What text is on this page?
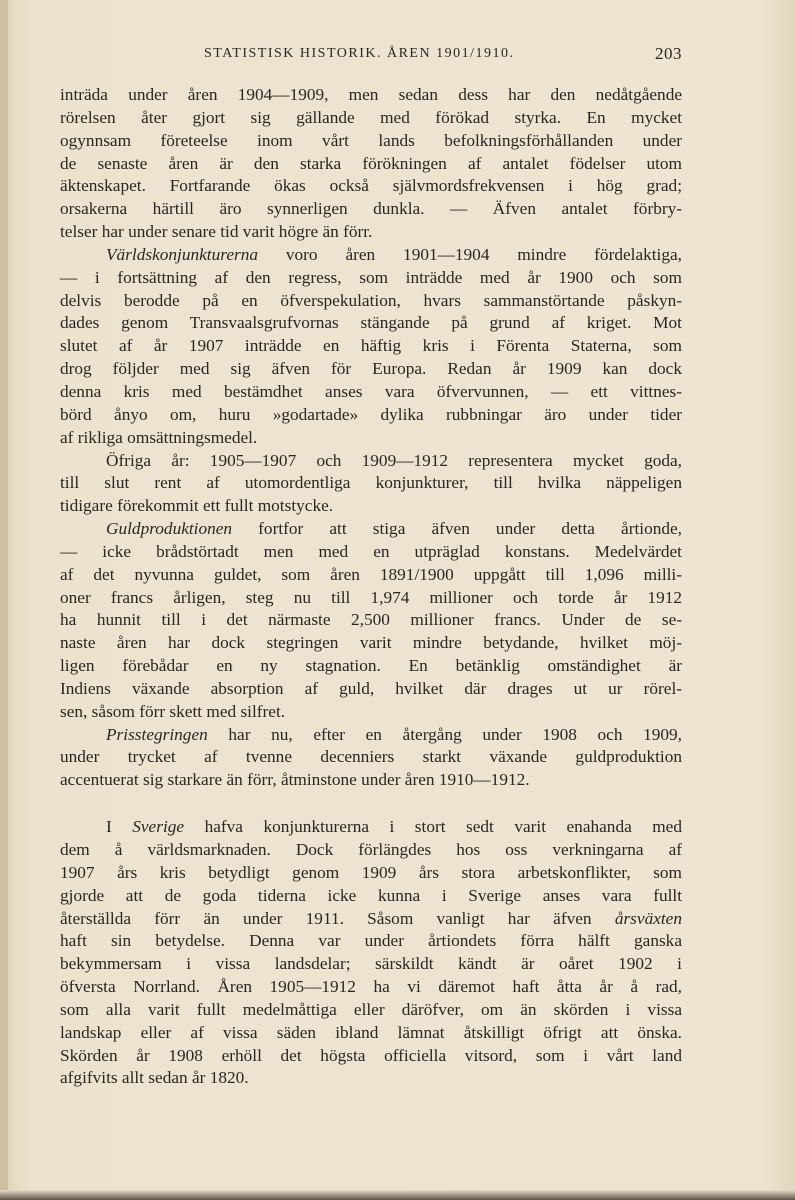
STATISTISK HISTORIK. ÅREN 1901/1910.	203
inträda under åren 1904—1909, men sedan dess har den nedåtgående
rörelsen åter gjort sig gällande med förökad styrka. En mycket
ogynnsam företeelse inom vårt lands befolkningsförhållanden under
de senaste åren är den starka förökningen af antalet födelser utom
äktenskapet. Fortfarande ökas också självmordsfrekvensen i hög grad;
orsakerna härtill äro synnerligen dunkla. — Äfven antalet förbry-
telser har under senare tid varit högre än förr.
Världskonjunkturerna voro åren 1901—1904 mindre fördelaktiga,
— i fortsättning af den regress, som inträdde med år 1900 och som
delvis berodde på en öfverspekulation, hvars sammanstörtande påskyn-
dades genom Transvaalsgrufvornas stängande på grund af kriget. Mot
slutet af år 1907 inträdde en häftig kris i Förenta Staterna, som
drog följder med sig äfven för Europa. Redan år 1909 kan dock
denna kris med bestämdhet anses vara öfvervunnen, — ett vittnes-
börd ånyo om, huru »godartade» dylika rubbningar äro under tider
af rikliga omsättningsmedel.
Öfriga år: 1905—1907 och 1909—1912 representera mycket goda,
till slut rent af utomordentliga konjunkturer, till hvilka näppeligen
tidigare förekommit ett fullt motstycke.
Guldproduktionen fortfor att stiga äfven under detta årtionde,
— icke brådstörtadt men med en utpräglad konstans. Medelvärdet
af det nyvunna guldet, som åren 1891/1900 uppgått till 1,096 milli-
oner francs årligen, steg nu till 1,974 millioner och torde år 1912
ha hunnit till i det närmaste 2,500 millioner francs. Under de se-
naste åren har dock stegringen varit mindre betydande, hvilket möj-
ligen förebådar en ny stagnation. En betänklig omständighet är
Indiens växande absorption af guld, hvilket där drages ut ur rörel-
sen, såsom förr skett med silfret.
Prisstegringen har nu, efter en återgång under 1908 och 1909,
under trycket af tvenne decenniers starkt växande guldproduktion
accentuerat sig starkare än förr, åtminstone under åren 1910—1912.
I Sverige hafva konjunkturerna i stort sedt varit enahanda med
dem å världsmarknaden. Dock förlängdes hos oss verkningarna af
1907 års kris betydligt genom 1909 års stora arbetskonflikter, som
gjorde att de goda tiderna icke kunna i Sverige anses vara fullt
återställda förr än under 1911. Såsom vanligt har äfven årsväxten
haft sin betydelse. Denna var under årtiondets förra hälft ganska
bekymmersam i vissa landsdelar; särskildt kändt är oåret 1902 i
öfversta Norrland. Åren 1905—1912 ha vi däremot haft åtta år å rad,
som alla varit fullt medelmåttiga eller däröfver, om än skörden i vissa
landskap eller af vissa säden ibland lämnat åtskilligt öfrigt att önska.
Skörden år 1908 erhöll det högsta officiella vitsord, som i vårt land
afgifvits allt sedan år 1820.
